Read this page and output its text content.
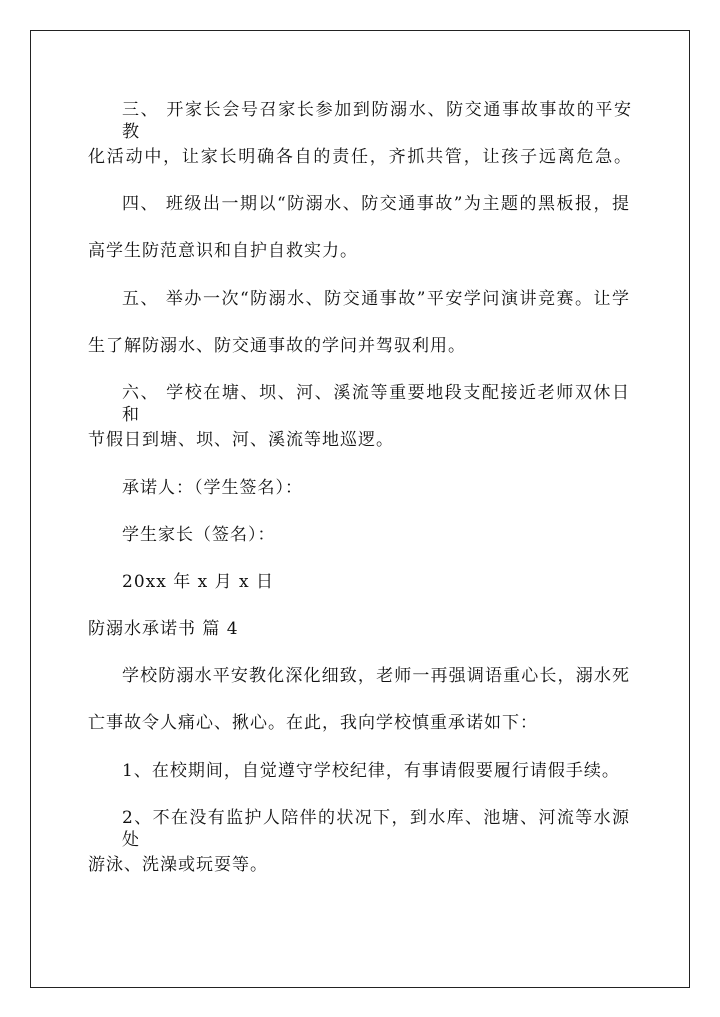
三、 开家长会号召家长参加到防溺水、防交通事故事故的平安教
化活动中，让家长明确各自的责任，齐抓共管，让孩子远离危急。
四、 班级出一期以“防溺水、防交通事故”为主题的黑板报，提
高学生防范意识和自护自救实力。
五、 举办一次“防溺水、防交通事故”平安学问演讲竞赛。让学
生了解防溺水、防交通事故的学问并驾驭利用。
六、 学校在塘、坝、河、溪流等重要地段支配接近老师双休日和
节假日到塘、坝、河、溪流等地巡逻。
承诺人：（学生签名）：
学生家长（签名）：
20xx 年 x 月 x 日
防溺水承诺书 篇 4
学校防溺水平安教化深化细致，老师一再强调语重心长，溺水死
亡事故令人痛心、揪心。在此，我向学校慎重承诺如下：
1、在校期间，自觉遵守学校纪律，有事请假要履行请假手续。
2、不在没有监护人陪伴的状况下，到水库、池塘、河流等水源处
游泳、洗澡或玩耍等。
